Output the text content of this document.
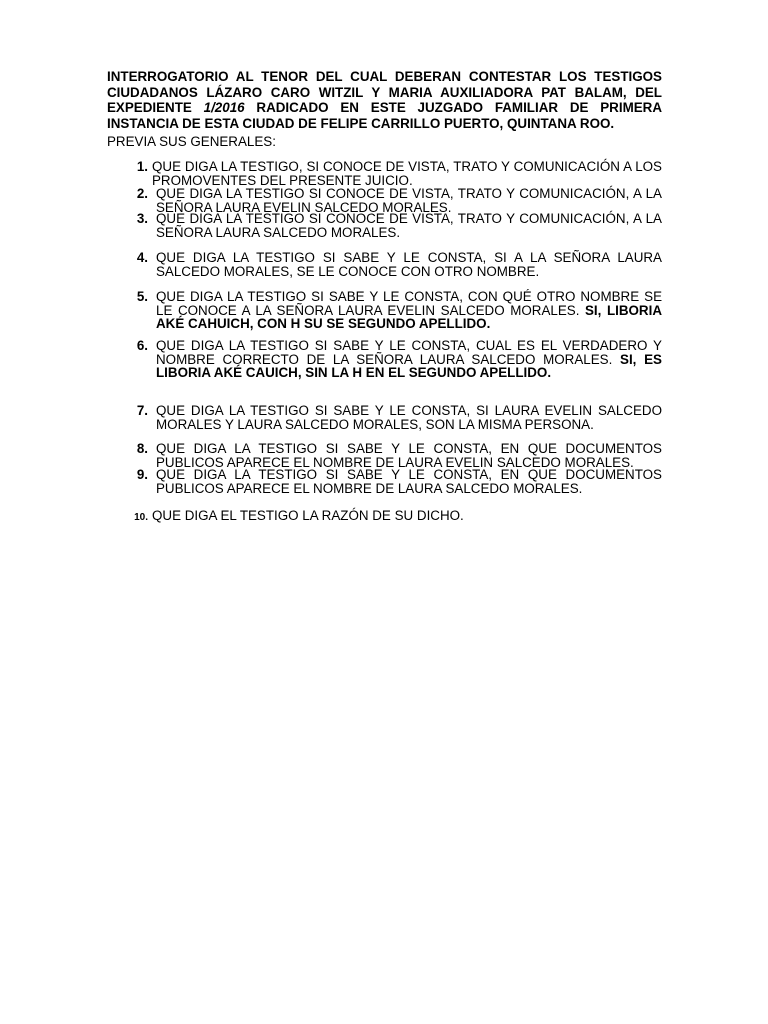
INTERROGATORIO AL TENOR DEL CUAL DEBERAN CONTESTAR LOS TESTIGOS CIUDADANOS LÁZARO CARO WITZIL Y MARIA AUXILIADORA PAT BALAM, DEL EXPEDIENTE 1/2016 RADICADO EN ESTE JUZGADO FAMILIAR DE PRIMERA INSTANCIA DE ESTA CIUDAD DE FELIPE CARRILLO PUERTO, QUINTANA ROO.

PREVIA SUS GENERALES:

1. QUE DIGA LA TESTIGO, SI CONOCE DE VISTA, TRATO Y COMUNICACIÓN A LOS PROMOVENTES DEL PRESENTE JUICIO.
2. QUE DIGA LA TESTIGO SI CONOCE DE VISTA, TRATO Y COMUNICACIÓN, A LA SEÑORA LAURA EVELIN SALCEDO MORALES.
3. QUE DIGA LA TESTIGO SI CONOCE DE VISTA, TRATO Y COMUNICACIÓN, A LA SEÑORA LAURA SALCEDO MORALES.
4. QUE DIGA LA TESTIGO SI SABE Y LE CONSTA, SI A LA SEÑORA LAURA SALCEDO MORALES, SE LE CONOCE CON OTRO NOMBRE.
5. QUE DIGA LA TESTIGO SI SABE Y LE CONSTA, CON QUÉ OTRO NOMBRE SE LE CONOCE A LA SEÑORA LAURA EVELIN SALCEDO MORALES. SI, LIBORIA AKÉ CAHUICH, CON H SU SE SEGUNDO APELLIDO.
6. QUE DIGA LA TESTIGO SI SABE Y LE CONSTA, CUAL ES EL VERDADERO Y NOMBRE CORRECTO DE LA SEÑORA LAURA SALCEDO MORALES. SI, ES LIBORIA AKÉ CAUICH, SIN LA H EN EL SEGUNDO APELLIDO.
7. QUE DIGA LA TESTIGO SI SABE Y LE CONSTA, SI LAURA EVELIN SALCEDO MORALES Y LAURA SALCEDO MORALES, SON LA MISMA PERSONA.
8. QUE DIGA LA TESTIGO SI SABE Y LE CONSTA, EN QUE DOCUMENTOS PUBLICOS APARECE EL NOMBRE DE LAURA EVELIN SALCEDO MORALES.
9. QUE DIGA LA TESTIGO SI SABE Y LE CONSTA, EN QUE DOCUMENTOS PUBLICOS APARECE EL NOMBRE DE LAURA SALCEDO MORALES.
10. QUE DIGA EL TESTIGO LA RAZÓN DE SU DICHO.
